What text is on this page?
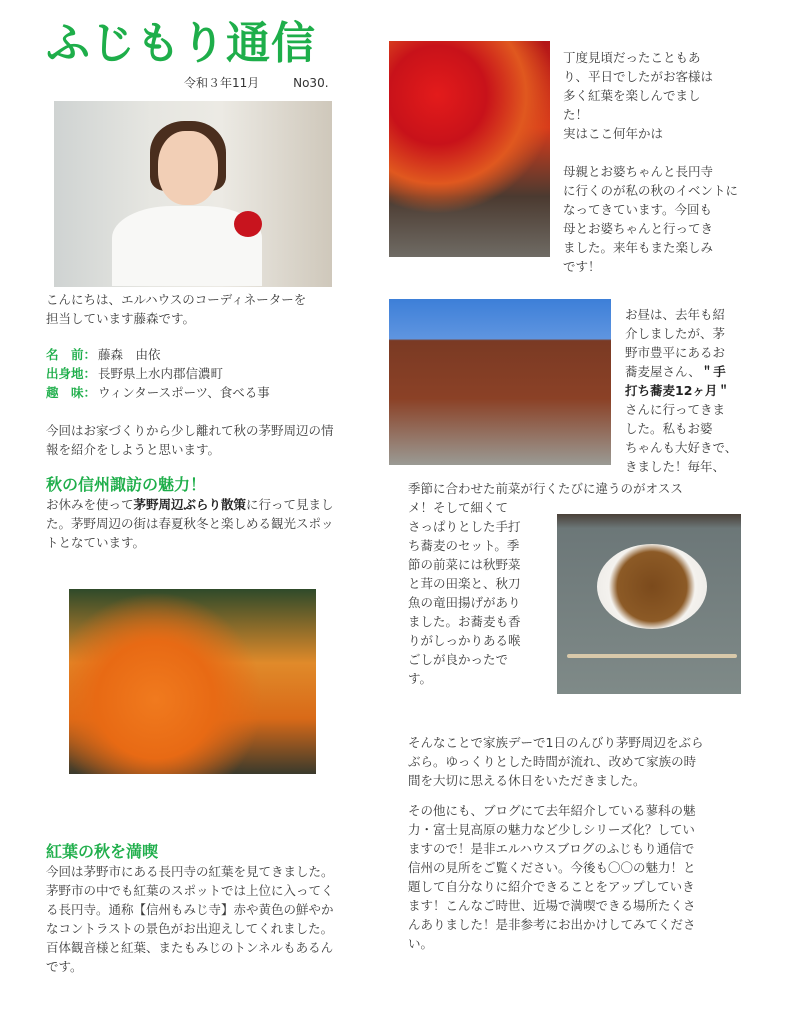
ふじもり通信
令和３年11月	No30.
こんにちは、エルハウスのコーディネーターを
担当しています藤森です。
名　前： 藤森　由依
出身地： 長野県上水内郡信濃町
趣　味： ウィンタースポーツ、食べる事
今回はお家づくりから少し離れて秋の茅野周辺の情
報を紹介をしようと思います。
秋の信州諏訪の魅力！
お休みを使って茅野周辺ぶらり散策に行って見まし
た。茅野周辺の街は春夏秋冬と楽しめる観光スポッ
トとなています。
紅葉の秋を満喫
今回は茅野市にある長円寺の紅葉を見てきました。
茅野市の中でも紅葉のスポットでは上位に入ってく
る長円寺。通称【信州もみじ寺】赤や黄色の鮮やか
なコントラストの景色がお出迎えしてくれました。
百体観音様と紅葉、またもみじのトンネルもあるん
です。
丁度見頃だったこともあ
り、平日でしたがお客様は
多く紅葉を楽しんでまし
た！
実はここ何年かは
母親とお婆ちゃんと長円寺
に行くのが私の秋のイベントに
なってきています。今回も
母とお婆ちゃんと行ってき
ました。来年もまた楽しみ
です！
お昼は、去年も紹
介しましたが、茅
野市豊平にあるお
蕎麦屋さん、＂手
打ち蕎麦12ヶ月＂
さんに行ってきま
した。私もお婆
ちゃんも大好きで、
きました！毎年、
季節に合わせた前菜が行くたびに違うのがオスス
メ！そして細くて
さっぱりとした手打
ち蕎麦のセット。季
節の前菜には秋野菜
と茸の田楽と、秋刀
魚の竜田揚げがあり
ました。お蕎麦も香
りがしっかりある喉
ごしが良かったで
す。
そんなことで家族デーで1日のんびり茅野周辺をぶら
ぶら。ゆっくりとした時間が流れ、改めて家族の時
間を大切に思える休日をいただきました。
その他にも、ブログにて去年紹介している蓼科の魅
力・富士見高原の魅力など少しシリーズ化？してい
ますので！是非エルハウスブログのふじもり通信で
信州の見所をご覧ください。今後も〇〇の魅力！と
題して自分なりに紹介できることをアップしていき
ます！こんなご時世、近場で満喫できる場所たくさ
んありました！是非参考にお出かけしてみてくださ
い。
